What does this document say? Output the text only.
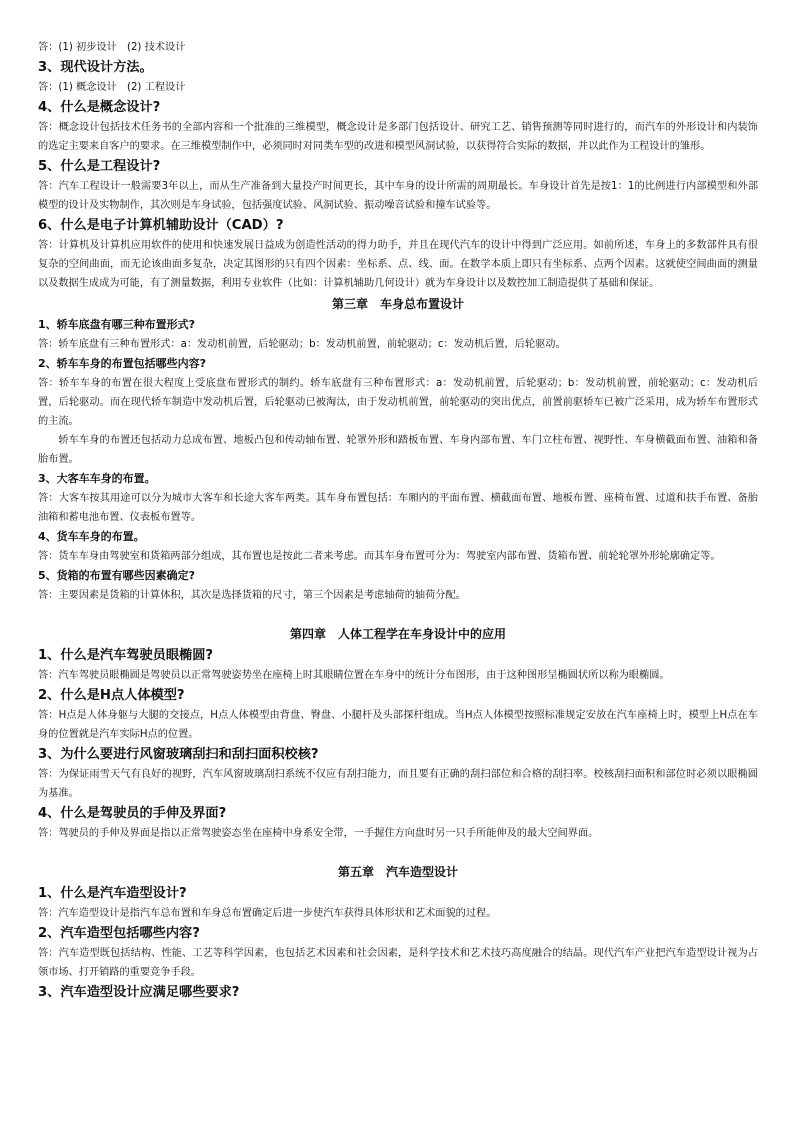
答：(1) 初步设计　(2) 技术设计

3、现代设计方法。

答：(1) 概念设计　(2) 工程设计

4、什么是概念设计?

答：概念设计包括技术任务书的全部内容和一个批准的三维模型，概念设计是多部门包括设计、研究工艺、销售预测等同时进行的，而汽车的外形设计和内装饰的选定主要来自客户的要求。在三维模型制作中，必须同时对同类车型的改进和模型风洞试验，以获得符合实际的数据，并以此作为工程设计的雏形。

5、什么是工程设计?

答：汽车工程设计一般需要3年以上，而从生产准备到大量投产时间更长，其中车身的设计所需的周期最长。车身设计首先是按1：1的比例进行内部模型和外部模型的设计及实物制作，其次则是车身试验，包括强度试验、风洞试验、振动噪音试验和撞车试验等。

6、什么是电子计算机辅助设计（CAD）?

答：计算机及计算机应用软件的使用和快速发展日益成为创造性活动的得力助手，并且在现代汽车的设计中得到广泛应用。如前所述，车身上的多数部件具有很复杂的空间曲面，而无论该曲面多复杂，决定其图形的只有四个因素：坐标系、点、线、面。在数学本质上即只有坐标系、点两个因素。这就使空间曲面的测量以及数据生成成为可能，有了测量数据，利用专业软件（比如：计算机辅助几何设计）就为车身设计以及数控加工制造提供了基础和保证。

第三章 车身总布置设计

1、轿车底盘有哪三种布置形式?

答：轿车底盘有三种布置形式：a：发动机前置，后轮驱动；b：发动机前置，前轮驱动；c：发动机后置，后轮驱动。

2、轿车车身的布置包括哪些内容?

答：轿车车身的布置在很大程度上受底盘布置形式的制约。轿车底盘有三种布置形式：a：发动机前置，后轮驱动；b：发动机前置，前轮驱动；c：发动机后置，后轮驱动。而在现代轿车制造中发动机后置，后轮驱动已被淘汰，由于发动机前置，前轮驱动的突出优点，前置前驱轿车已被广泛采用，成为轿车布置形式的主流。

轿车车身的布置还包括动力总成布置、地板凸包和传动轴布置、轮罩外形和踏板布置、车身内部布置、车门立柱布置、视野性、车身横截面布置、油箱和备胎布置。

3、大客车车身的布置。

答：大客车按其用途可以分为城市大客车和长途大客车两类。其车身布置包括：车厢内的平面布置、横截面布置、地板布置、座椅布置、过道和扶手布置、备胎油箱和蓄电池布置、仪表板布置等。

4、货车车身的布置。

答：货车车身由驾驶室和货箱两部分组成，其布置也是按此二者来考虑。而其车身布置可分为：驾驶室内部布置、货箱布置、前轮轮罩外形轮廓确定等。

5、货箱的布置有哪些因素确定?

答：主要因素是货箱的计算体积，其次是选择货箱的尺寸，第三个因素是考虑轴荷的轴荷分配。

第四章 人体工程学在车身设计中的应用

1、什么是汽车驾驶员眼椭圆?

答：汽车驾驶员眼椭圆是驾驶员以正常驾驶姿势坐在座椅上时其眼睛位置在车身中的统计分布图形，由于这种图形呈椭圆状所以称为眼椭圆。

2、什么是H点人体模型?

答：H点是人体身躯与大腿的交接点，H点人体模型由背盘、臀盘、小腿杆及头部探杆组成。当H点人体模型按照标准规定安放在汽车座椅上时，模型上H点在车身的位置就是汽车实际H点的位置。

3、为什么要进行风窗玻璃刮扫和刮扫面积校核?

答：为保证雨雪天气有良好的视野，汽车风窗玻璃刮扫系统不仅应有刮扫能力，而且要有正确的刮扫部位和合格的刮扫率。校核刮扫面积和部位时必须以眼椭圆为基准。

4、什么是驾驶员的手伸及界面?

答：驾驶员的手伸及界面是指以正常驾驶姿态坐在座椅中身系安全带，一手握住方向盘时另一只手所能伸及的最大空间界面。

第五章 汽车造型设计

1、什么是汽车造型设计?

答：汽车造型设计是指汽车总布置和车身总布置确定后进一步使汽车获得具体形状和艺术面貌的过程。

2、汽车造型包括哪些内容?

答：汽车造型既包括结构、性能、工艺等科学因素，也包括艺术因素和社会因素，是科学技术和艺术技巧高度融合的结晶。现代汽车产业把汽车造型设计视为占领市场、打开销路的重要竞争手段。

3、汽车造型设计应满足哪些要求?
